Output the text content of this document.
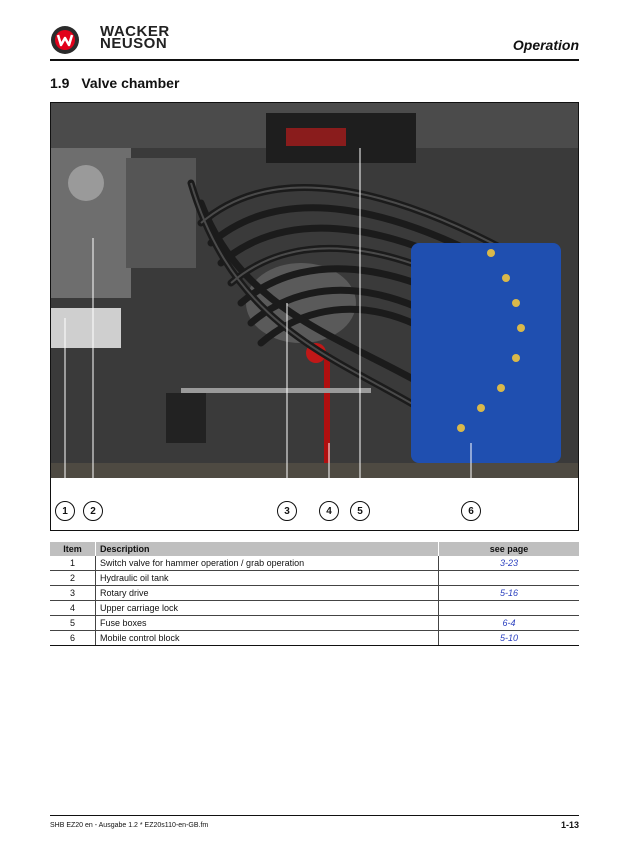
WACKER
NEUSON	Operation
1.9 Valve chamber
1	2	3	4	5	6
Item	Description	see page
1	Switch valve for hammer operation / grab operation	3-23
2	Hydraulic oil tank	
3	Rotary drive	5-16
4	Upper carriage lock	
5	Fuse boxes	6-4
6	Mobile control block	5-10
SHB EZ20 en - Ausgabe 1.2 * EZ20s110-en-GB.fm	1-13
